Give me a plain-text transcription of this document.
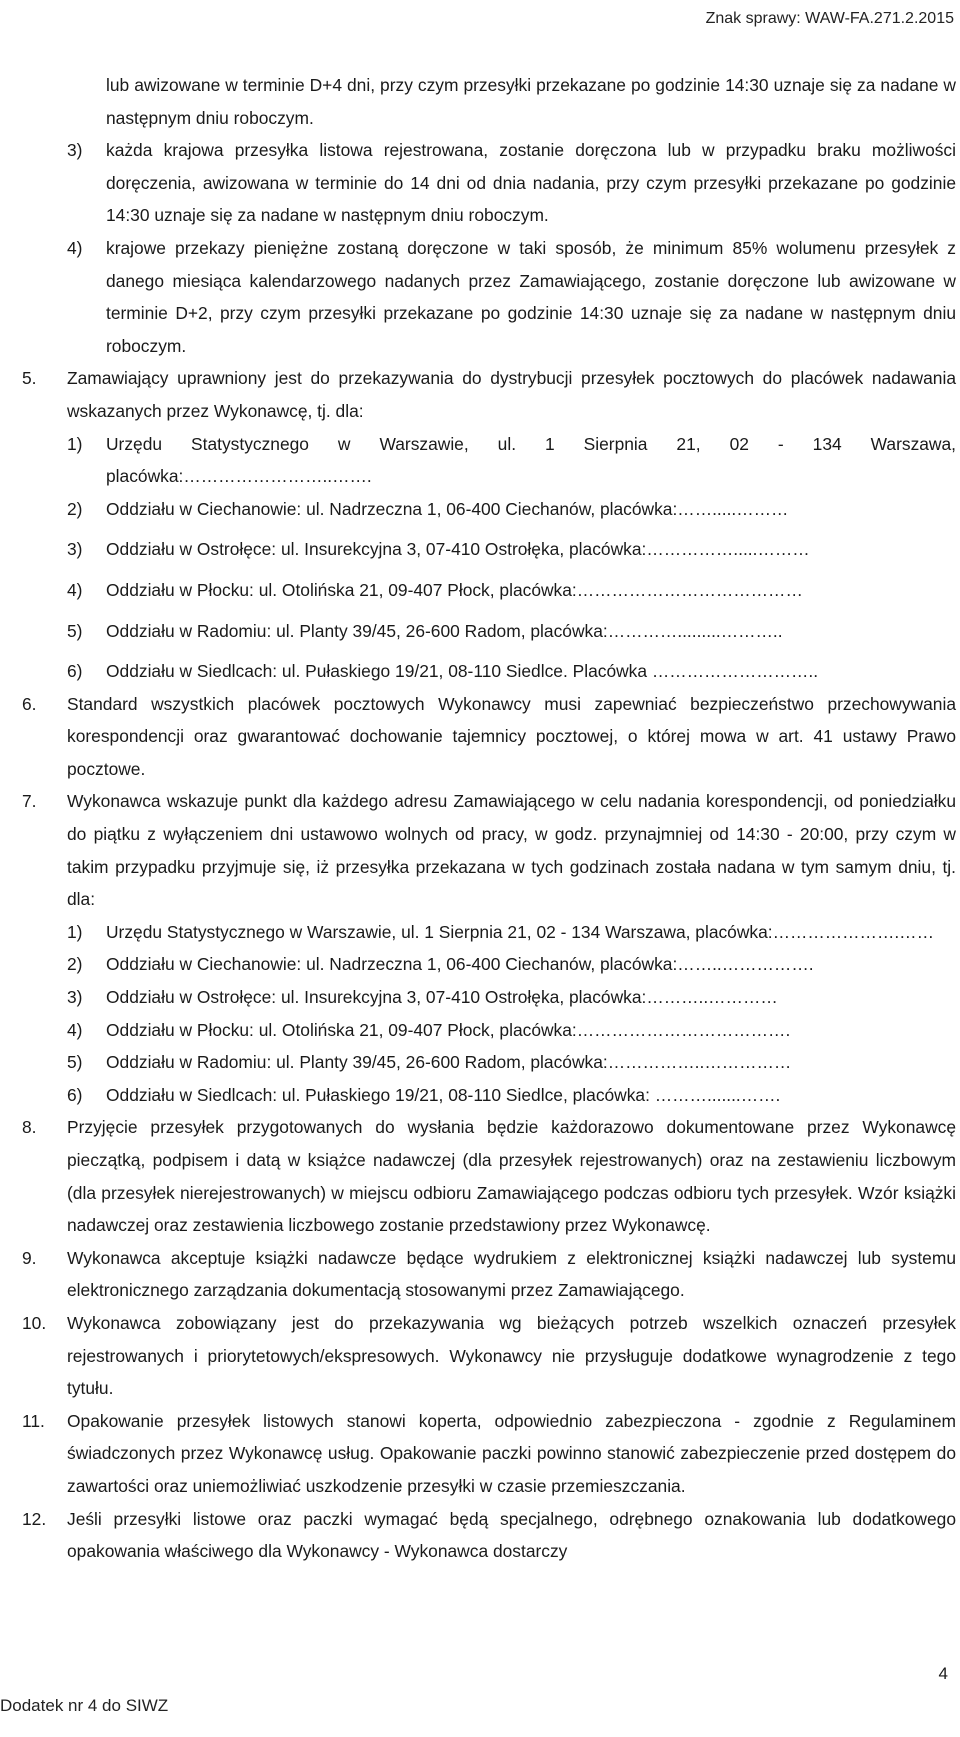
Znak sprawy: WAW-FA.271.2.2015
lub awizowane w terminie D+4 dni, przy czym przesyłki przekazane po godzinie 14:30 uznaje się za nadane w następnym dniu roboczym.
3)	każda krajowa przesyłka listowa rejestrowana, zostanie doręczona lub w przypadku braku możliwości doręczenia, awizowana w terminie do 14 dni od dnia nadania, przy czym przesyłki przekazane po godzinie 14:30 uznaje się za nadane w następnym dniu roboczym.
4)	krajowe przekazy pieniężne zostaną doręczone w taki sposób, że minimum 85% wolumenu przesyłek z danego miesiąca kalendarzowego nadanych przez Zamawiającego, zostanie doręczone lub awizowane w terminie D+2, przy czym przesyłki przekazane po godzinie 14:30 uznaje się za nadane w następnym dniu roboczym.
5.	Zamawiający uprawniony jest do przekazywania do dystrybucji przesyłek pocztowych do placówek nadawania wskazanych przez Wykonawcę, tj. dla:
1)	Urzędu Statystycznego w Warszawie, ul. 1 Sierpnia 21, 02 - 134 Warszawa, placówka:……………………..…….
2)	Oddziału w Ciechanowie: ul. Nadrzeczna 1, 06-400 Ciechanów, placówka:…….....………
3)	Oddziału w Ostrołęce: ul. Insurekcyjna 3, 07-410 Ostrołęka, placówka:…………….....………
4)	Oddziału w Płocku: ul. Otolińska 21, 09-407 Płock, placówka:…………………………………
5)	Oddziału w Radomiu: ul. Planty 39/45, 26-600 Radom, placówka:………….........………..
6)	Oddziału w Siedlcach: ul. Pułaskiego 19/21, 08-110 Siedlce. Placówka ………………………..
6.	Standard wszystkich placówek pocztowych Wykonawcy musi zapewniać bezpieczeństwo przechowywania korespondencji oraz gwarantować dochowanie tajemnicy pocztowej, o której mowa w art. 41 ustawy Prawo pocztowe.
7.	Wykonawca wskazuje punkt dla każdego adresu Zamawiającego w celu nadania korespondencji, od poniedziałku do piątku z wyłączeniem dni ustawowo wolnych od pracy, w godz. przynajmniej od 14:30 - 20:00, przy czym w takim przypadku przyjmuje się, iż przesyłka przekazana w tych godzinach została nadana w tym samym dniu, tj. dla:
1)	Urzędu Statystycznego w Warszawie, ul. 1 Sierpnia 21, 02 - 134 Warszawa, placówka:………………….……
2)	Oddziału w Ciechanowie: ul. Nadrzeczna 1, 06-400 Ciechanów, placówka:……..…………….
3)	Oddziału w Ostrołęce: ul. Insurekcyjna 3, 07-410 Ostrołęka, placówka:………..…………
4)	Oddziału w Płocku: ul. Otolińska 21, 09-407 Płock, placówka:……………………………….
5)	Oddziału w Radomiu: ul. Planty 39/45, 26-600 Radom, placówka:……………..……………
6)	Oddziału w Siedlcach: ul. Pułaskiego 19/21, 08-110 Siedlce, placówka: ……….......…….
8.	Przyjęcie przesyłek przygotowanych do wysłania będzie każdorazowo dokumentowane przez Wykonawcę pieczątką, podpisem i datą w książce nadawczej (dla przesyłek rejestrowanych) oraz na zestawieniu liczbowym (dla przesyłek nierejestrowanych) w miejscu odbioru Zamawiającego podczas odbioru tych przesyłek. Wzór książki nadawczej oraz zestawienia liczbowego zostanie przedstawiony przez Wykonawcę.
9.	Wykonawca akceptuje książki nadawcze będące wydrukiem z elektronicznej książki nadawczej lub systemu elektronicznego zarządzania dokumentacją stosowanymi przez Zamawiającego.
10.	Wykonawca zobowiązany jest do przekazywania wg bieżących potrzeb wszelkich oznaczeń przesyłek rejestrowanych i priorytetowych/ekspresowych. Wykonawcy nie przysługuje dodatkowe wynagrodzenie z tego tytułu.
11.	Opakowanie przesyłek listowych stanowi koperta, odpowiednio zabezpieczona - zgodnie z Regulaminem świadczonych przez Wykonawcę usług. Opakowanie paczki powinno stanowić zabezpieczenie przed dostępem do zawartości oraz uniemożliwiać uszkodzenie przesyłki w czasie przemieszczania.
12.	Jeśli przesyłki listowe oraz paczki wymagać będą specjalnego, odrębnego oznakowania lub dodatkowego opakowania właściwego dla Wykonawcy - Wykonawca dostarczy
4
Dodatek nr 4 do SIWZ
